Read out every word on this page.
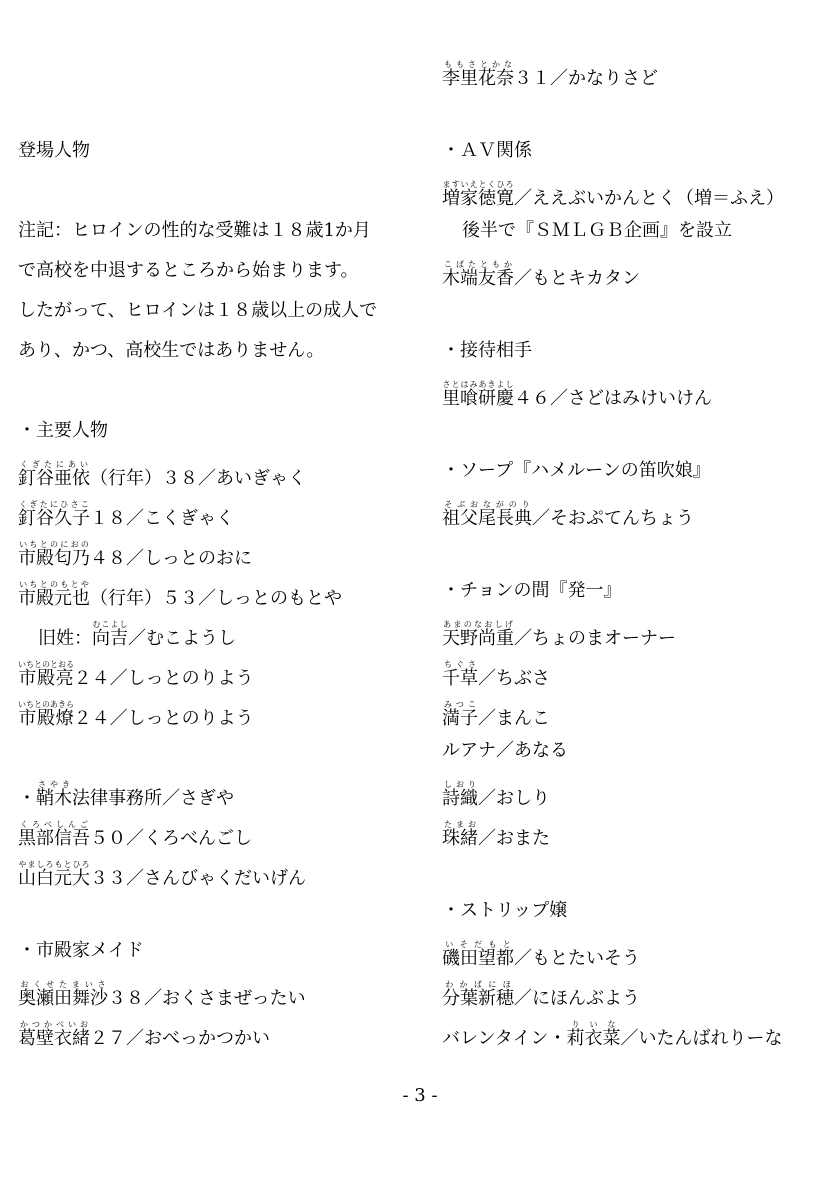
登場人物
注記：ヒロインの性的な受難は１８歳1か月
で高校を中退するところから始まります。
したがって、ヒロインは１８歳以上の成人で
あり、かつ、高校生ではありません。
・主要人物
釘谷亜依くぎたにあい（行年）３８／あいぎゃく
釘谷久子くぎたにひさこ１８／こくぎゃく
市殿匂乃いちとのにおの４８／しっとのおに
市殿元也いちとのもとや（行年）５３／しっとのもとや
旧姓：向吉むこよし／むこようし
市殿亮いちとのとおる２４／しっとのりよう
市殿燎いちとのあきら２４／しっとのりよう
・鞘木さやき法律事務所／さぎや
黒部信吾くろべしんご５０／くろべんごし
山白元大やましろもとひろ３３／さんびゃくだいげん
・市殿家メイド
奥瀬田舞沙おくせたまいさ３８／おくさまぜったい
葛壁衣緒かつかべいお２７／おべっかつかい
李里花奈ももさとかな３１／かなりさど
・ＡＶ関係
増家徳寛ますいえとくひろ／ええぶいかんとく（増＝ふえ）
後半で『ＳＭＬＧＢ企画』を設立
木端友香こばたともか／もとキカタン
・接待相手
里喰研慶さとはみあきよし４６／さどはみけいけん
・ソープ『ハメルーンの笛吹娘』
祖父尾長典そぶおながのり／そおぷてんちょう
・チョンの間『発一』
天野尚重あまのなおしげ／ちょのまオーナー
千草ちぐさ／ちぶさ
満子みつこ／まんこ
ルアナ／あなる
詩織しおり／おしり
珠緒たまお／おまた
・ストリップ嬢
磯田望都いそだもと／もとたいそう
分葉新穂わかばにほ／にほんぶよう
バレンタイン・莉衣菜りいな／いたんばれりーな
- 3 -
